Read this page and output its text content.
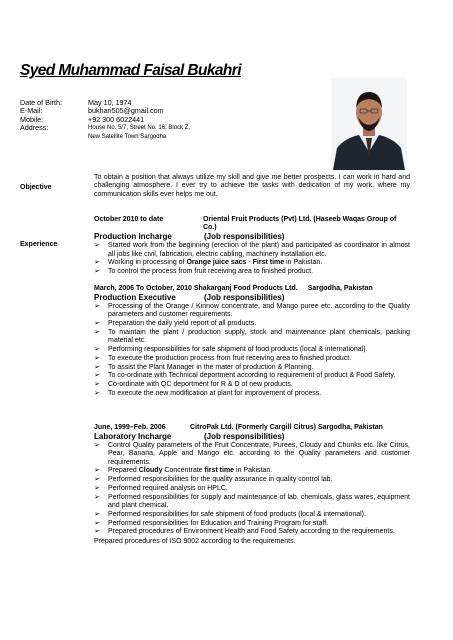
Syed Muhammad Faisal Bukahri
Date of Birth:	May 10, 1974
E-Mail:	bukhari505@gmail.com
Mobile:	+92 300 6022441
Address:	House No. 5/7, Street No. 16, Block Z,
New Satellite Town Sargodha
Objective
To obtain a position that always utilize my skill and give me better prospects. I can work in hard and challenging atmosphere. I ever try to achieve the tasks with dedication of my work, where my communication skills ever helps me out.
Experience
October 2010 to date	Oriental Fruit Products (Pvt) Ltd. (Haseeb Waqas Group of Co.)
Production Incharge	(Job responsibilities)
➢ Started work from the beginning (erection of the plant) and participated as coordinator in almost all jobs like civil, fabrication, electric cabling, machinery installation etc.
➢ Working in processing of Orange juice sacs - First time in Pakistan.
➢ To control the process from fruit receiving area to finished product.
March, 2006 To October, 2010 Shakarganj Food Products Ltd. Sargodha, Pakistan
Production Executive	(Job responsibilities)
➢ Processing of the Orange / Kinnow concentrate, and Mango puree etc. according to the Quality parameters and customer requirements.
➢ Preparation the daily yield report of all products.
➢ To maintain the plant / production supply, stock and maintenance plant chemicals, packing material etc.
➢ Performing responsibilities for safe shipment of food products (local & international).
➢ To execute the production process from fruit receiving area to finished product.
➢ To assist the Plant Manager in the mater of production & Planning.
➢ To co-ordinate with Technical deportment according to requirement of product & Food Safety.
➢ Co-ordinate with QC deportment for R & D of new products.
➢ To execute the new modification at plant for improvement of process.
June, 1999–Feb. 2006	CitroPak Ltd. (Formerly Cargill Citrus) Sargodha, Pakistan
Laboratory Incharge	(Job responsibilities)
➢ Control Quality parameters of the Fruit Concentrate, Purees, Cloudy and Chunks etc. like Citrus, Pear, Banana, Apple and Mango etc. according to the Quality parameters and customer requirements.
➢ Prepared Cloudy Concentrate first time in Pakistan.
➢ Performed responsibilities for the quality assurance in quality control lab.
➢ Performed required analysis on HPLC.
➢ Performed responsibilities for supply and maintenance of lab. chemicals, glass wares, equipment and plant chemical.
➢ Performed responsibilities for safe shipment of food products (local & international).
➢ Performed responsibilities for Education and Training Program for staff.
➢ Prepared procedures of Environment Health and Food Safety according to the requirements.
Prepared procedures of ISO 9002 according to the requirements.
